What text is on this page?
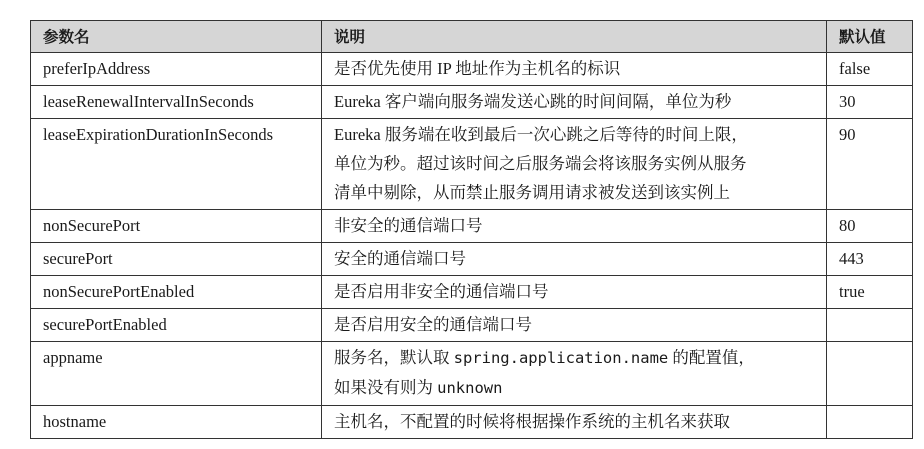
参数名	说明	默认值
preferIpAddress	是否优先使用 IP 地址作为主机名的标识	false
leaseRenewalIntervalInSeconds	Eureka 客户端向服务端发送心跳的时间间隔，单位为秒	30
leaseExpirationDurationInSeconds	Eureka 服务端在收到最后一次心跳之后等待的时间上限，
单位为秒。超过该时间之后服务端会将该服务实例从服务
清单中剔除，从而禁止服务调用请求被发送到该实例上	90
nonSecurePort	非安全的通信端口号	80
securePort	安全的通信端口号	443
nonSecurePortEnabled	是否启用非安全的通信端口号	true
securePortEnabled	是否启用安全的通信端口号	

appname	服务名，默认取 spring.application.name 的配置值，
如果没有则为 unknown	

hostname	主机名，不配置的时候将根据操作系统的主机名来获取	
